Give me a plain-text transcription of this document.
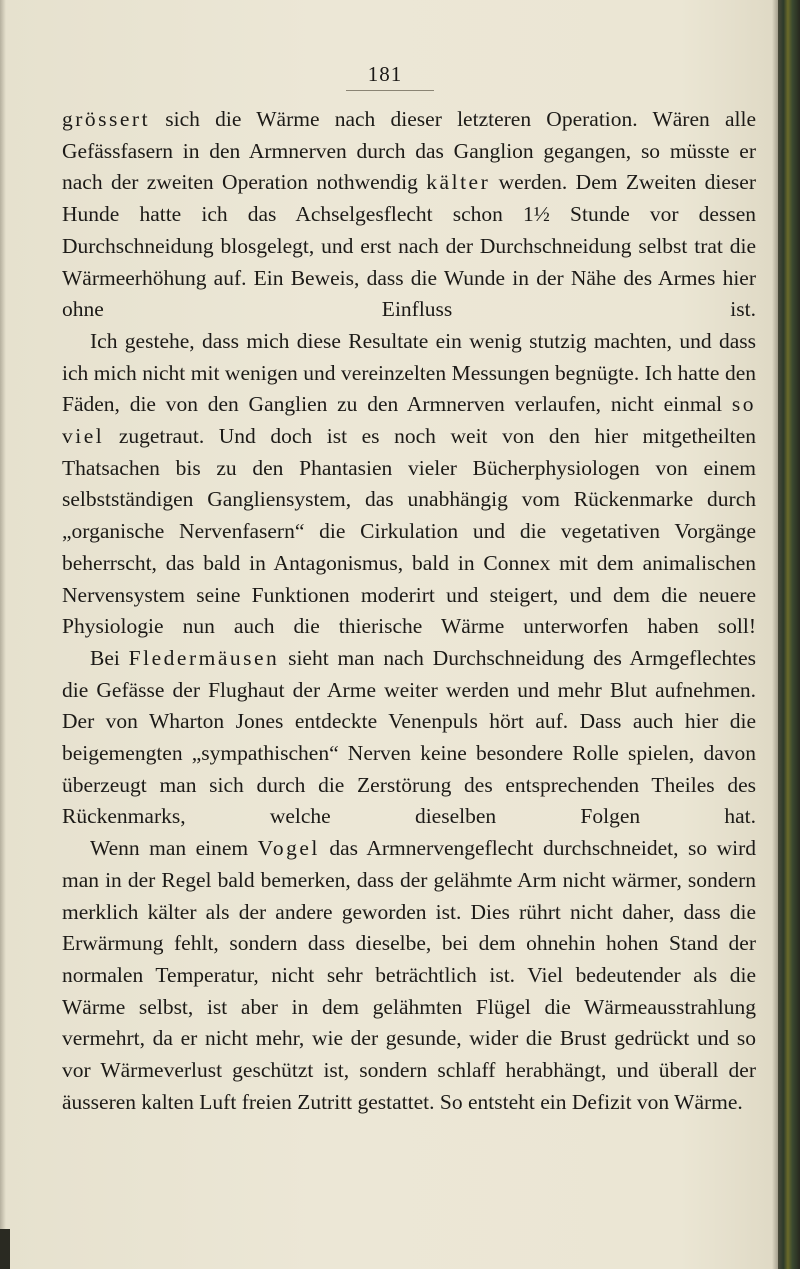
181

grössert sich die Wärme nach dieser letzteren Operation. Wären alle Gefässfasern in den Armnerven durch das Ganglion gegangen, so müsste er nach der zweiten Operation nothwendig kälter werden. Dem Zweiten dieser Hunde hatte ich das Achselgesflecht schon 1½ Stunde vor dessen Durchschneidung blosgelegt, und erst nach der Durchschneidung selbst trat die Wärmeerhöhung auf. Ein Beweis, dass die Wunde in der Nähe des Armes hier ohne Einfluss ist.

Ich gestehe, dass mich diese Resultate ein wenig stutzig machten, und dass ich mich nicht mit wenigen und vereinzelten Messungen begnügte. Ich hatte den Fäden, die von den Ganglien zu den Armnerven verlaufen, nicht einmal so viel zugetraut. Und doch ist es noch weit von den hier mitgetheilten Thatsachen bis zu den Phantasien vieler Bücherphysiologen von einem selbstständigen Gangliensystem, das unabhängig vom Rückenmarke durch „organische Nervenfasern“ die Cirkulation und die vegetativen Vorgänge beherrscht, das bald in Antagonismus, bald in Connex mit dem animalischen Nervensystem seine Funktionen moderirt und steigert, und dem die neuere Physiologie nun auch die thierische Wärme unterworfen haben soll!

Bei Fledermäusen sieht man nach Durchschneidung des Armgeflechtes die Gefässe der Flughaut der Arme weiter werden und mehr Blut aufnehmen. Der von Wharton Jones entdeckte Venenpuls hört auf. Dass auch hier die beigemengten „sympathischen“ Nerven keine besondere Rolle spielen, davon überzeugt man sich durch die Zerstörung des entsprechenden Theiles des Rückenmarks, welche dieselben Folgen hat.

Wenn man einem Vogel das Armnervengeflecht durchschneidet, so wird man in der Regel bald bemerken, dass der gelähmte Arm nicht wärmer, sondern merklich kälter als der andere geworden ist. Dies rührt nicht daher, dass die Erwärmung fehlt, sondern dass dieselbe, bei dem ohnehin hohen Stand der normalen Temperatur, nicht sehr beträchtlich ist. Viel bedeutender als die Wärme selbst, ist aber in dem gelähmten Flügel die Wärmeausstrahlung vermehrt, da er nicht mehr, wie der gesunde, wider die Brust gedrückt und so vor Wärmeverlust geschützt ist, sondern schlaff herabhängt, und überall der äusseren kalten Luft freien Zutritt gestattet. So entsteht ein Defizit von Wärme.
